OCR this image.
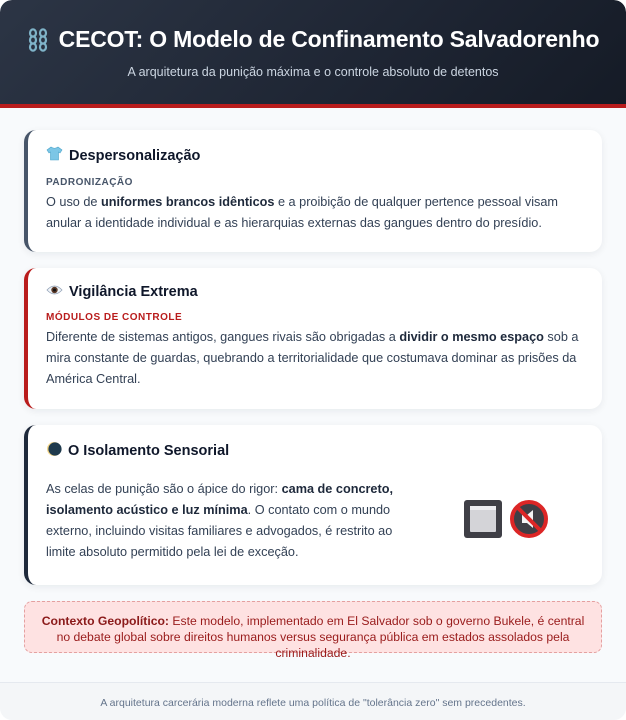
CECOT: O Modelo de Confinamento Salvadorenho

A arquitetura da punição máxima e o controle absoluto de detentos

Despersonalização
PADRONIZAÇÃO

O uso de uniformes brancos idênticos e a proibição de qualquer pertence pessoal visam anular a identidade individual e as hierarquias externas das gangues dentro do presídio.

Vigilância Extrema
MÓDULOS DE CONTROLE

Diferente de sistemas antigos, gangues rivais são obrigadas a dividir o mesmo espaço sob a mira constante de guardas, quebrando a territorialidade que costumava dominar as prisões da América Central.

O Isolamento Sensorial

As celas de punição são o ápice do rigor: cama de concreto, isolamento acústico e luz mínima. O contato com o mundo externo, incluindo visitas familiares e advogados, é restrito ao limite absoluto permitido pela lei de exceção.

Contexto Geopolítico: Este modelo, implementado em El Salvador sob o governo Bukele, é central no debate global sobre direitos humanos versus segurança pública em estados assolados pela criminalidade.
A arquitetura carcerária moderna reflete uma política de "tolerância zero" sem precedentes.
